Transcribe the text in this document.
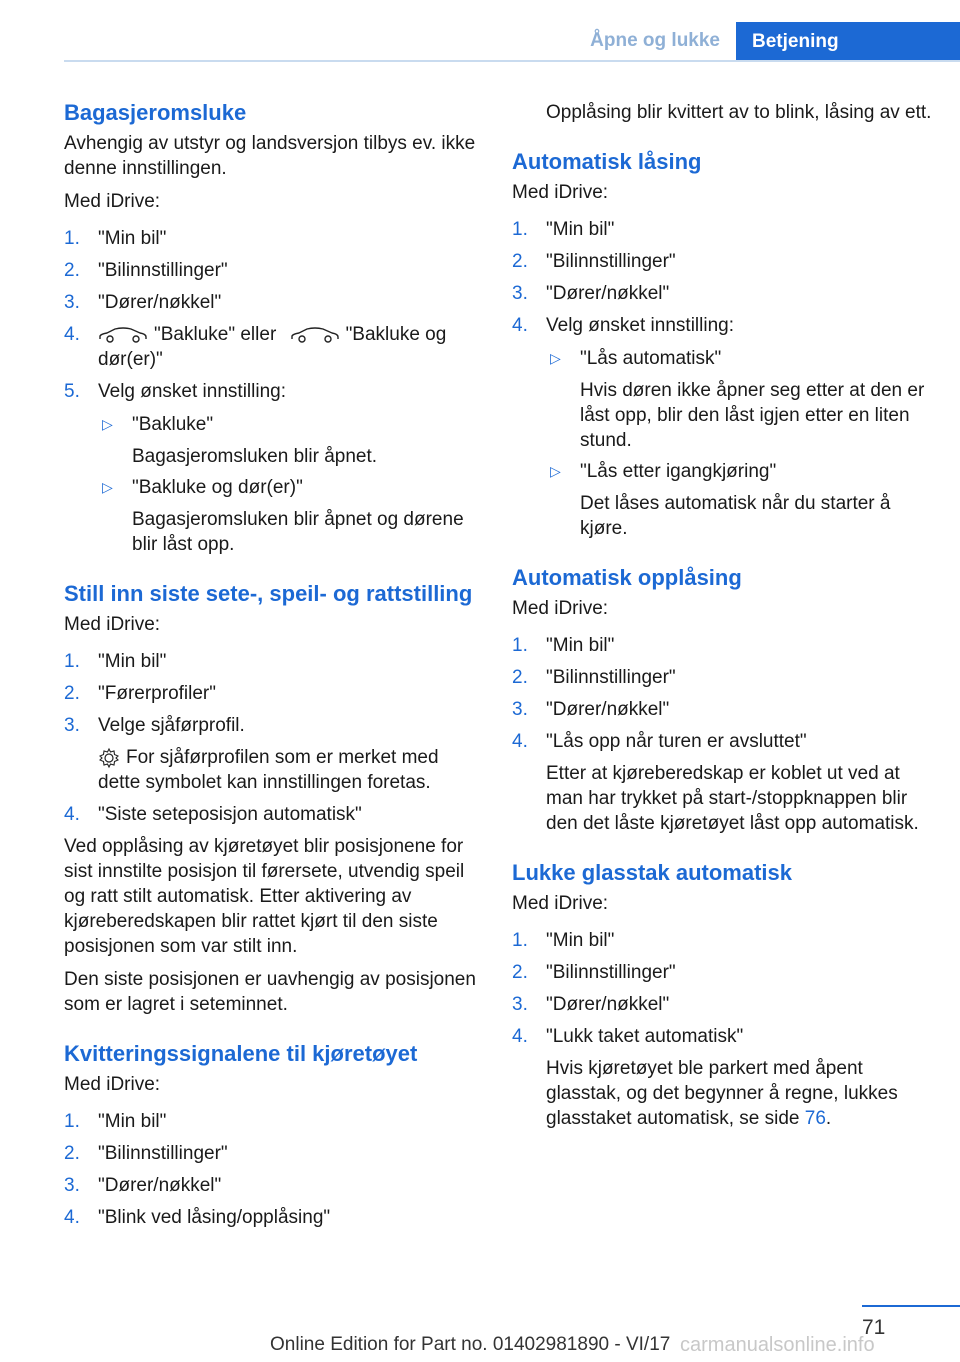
Åpne og lukke	Betjening
Bagasjeromsluke

Avhengig av utstyr og landsversjon tilbys ev. ikke denne innstillingen.

Med iDrive:

1. "Min bil"
2. "Bilinnstillinger"
3. "Dører/nøkkel"
4.	"Bakluke" eller	"Bakluke og dør(er)"
5. Velg ønsket innstilling:
▷ "Bakluke"
Bagasjeromsluken blir åpnet.
▷ "Bakluke og dør(er)"
Bagasjeromsluken blir åpnet og dørene blir låst opp.
Still inn siste sete-, speil- og rattstilling

Med iDrive:

1. "Min bil"
2. "Førerprofiler"
3. Velge sjåførprofil.
For sjåførprofilen som er merket med dette symbolet kan innstillingen foretas.
4. "Siste seteposisjon automatisk"

Ved opplåsing av kjøretøyet blir posisjonene for sist innstilte posisjon til førersete, utvendig speil og ratt stilt automatisk. Etter aktivering av kjøreberedskapen blir rattet kjørt til den siste posisjonen som var stilt inn.

Den siste posisjonen er uavhengig av posisjonen som er lagret i seteminnet.

Kvitteringssignalene til kjøretøyet

Med iDrive:

1. "Min bil"
2. "Bilinnstillinger"
3. "Dører/nøkkel"
4. "Blink ved låsing/opplåsing"

Opplåsing blir kvittert av to blink, låsing av ett.

Automatisk låsing

Med iDrive:

1. "Min bil"
2. "Bilinnstillinger"
3. "Dører/nøkkel"
4. Velg ønsket innstilling:
▷ "Lås automatisk"
Hvis døren ikke åpner seg etter at den er låst opp, blir den låst igjen etter en liten stund.
▷ "Lås etter igangkjøring"
Det låses automatisk når du starter å kjøre.
Automatisk opplåsing

Med iDrive:

1. "Min bil"
2. "Bilinnstillinger"
3. "Dører/nøkkel"
4. "Lås opp når turen er avsluttet"
Etter at kjøreberedskap er koblet ut ved at man har trykket på start-/stoppknappen blir den det låste kjøretøyet låst opp automatisk.
Lukke glasstak automatisk

Med iDrive:

1. "Min bil"
2. "Bilinnstillinger"
3. "Dører/nøkkel"
4. "Lukk taket automatisk"
Hvis kjøretøyet ble parkert med åpent glasstak, og det begynner å regne, lukkes glasstaket automatisk, se side 76.
71
Online Edition for Part no. 01402981890 - VI/17 carmanualsonline.info
